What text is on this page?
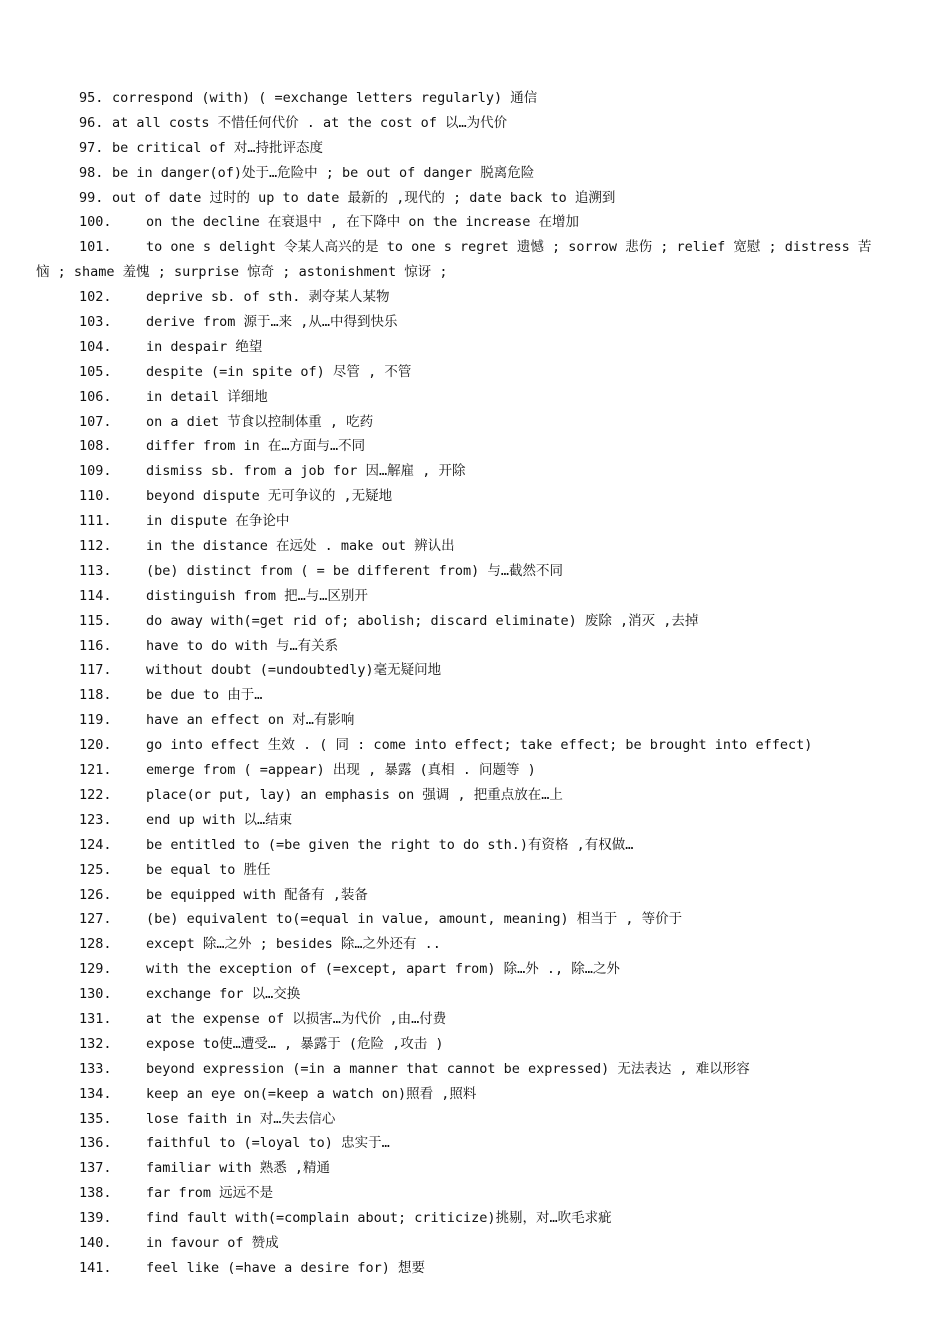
95. correspond (with) ( =exchange letters regularly) 通信
96. at all costs 不惜任何代价 . at the cost of 以…为代价
97. be critical of 对…持批评态度
98. be in danger(of)处于…危险中 ; be out of danger 脱离危险
99. out of date 过时的 up to date 最新的 ,现代的 ; date back to 追溯到
100.	on the decline 在衰退中 , 在下降中 on the increase 在增加
101.	to one s delight 令某人高兴的是 to one s regret 遗憾 ; sorrow 悲伤 ; relief 宽慰 ; distress 苦
恼 ; shame 羞愧 ; surprise 惊奇 ; astonishment 惊讶 ;
102.	deprive sb. of sth. 剥夺某人某物
103.	derive from 源于…来 ,从…中得到快乐
104.	in despair 绝望
105.	despite (=in spite of) 尽管 , 不管
106.	in detail 详细地
107.	on a diet 节食以控制体重 , 吃药
108.	differ from in 在…方面与…不同
109.	dismiss sb. from a job for 因…解雇 , 开除
110.	beyond dispute 无可争议的 ,无疑地
111.	in dispute 在争论中
112.	in the distance 在远处 . make out 辨认出
113.	(be) distinct from ( = be different from) 与…截然不同
114.	distinguish from 把…与…区别开
115.	do away with(=get rid of; abolish; discard eliminate) 废除 ,消灭 ,去掉
116.	have to do with 与…有关系
117.	without doubt (=undoubtedly)毫无疑问地
118.	be due to 由于…
119.	have an effect on 对…有影响
120.	go into effect 生效 . ( 同 : come into effect; take effect; be brought into effect)
121.	emerge from ( =appear) 出现 , 暴露 (真相 . 问题等 )
122.	place(or put, lay) an emphasis on 强调 , 把重点放在…上
123.	end up with 以…结束
124.	be entitled to (=be given the right to do sth.)有资格 ,有权做…
125.	be equal to 胜任
126.	be equipped with 配备有 ,装备
127.	(be) equivalent to(=equal in value, amount, meaning) 相当于 , 等价于
128.	except 除…之外 ; besides 除…之外还有 ..
129.	with the exception of (=except, apart from) 除…外 ., 除…之外
130.	exchange for 以…交换
131.	at the expense of 以损害…为代价 ,由…付费
132.	expose to使…遭受… , 暴露于 (危险 ,攻击 )
133.	beyond expression (=in a manner that cannot be expressed) 无法表达 , 难以形容
134.	keep an eye on(=keep a watch on)照看 ,照料
135.	lose faith in 对…失去信心
136.	faithful to (=loyal to) 忠实于…
137.	familiar with 熟悉 ,精通
138.	far from 远远不是
139.	find fault with(=complain about; criticize)挑剔，对…吹毛求疵
140.	in favour of 赞成
141.	feel like (=have a desire for) 想要
